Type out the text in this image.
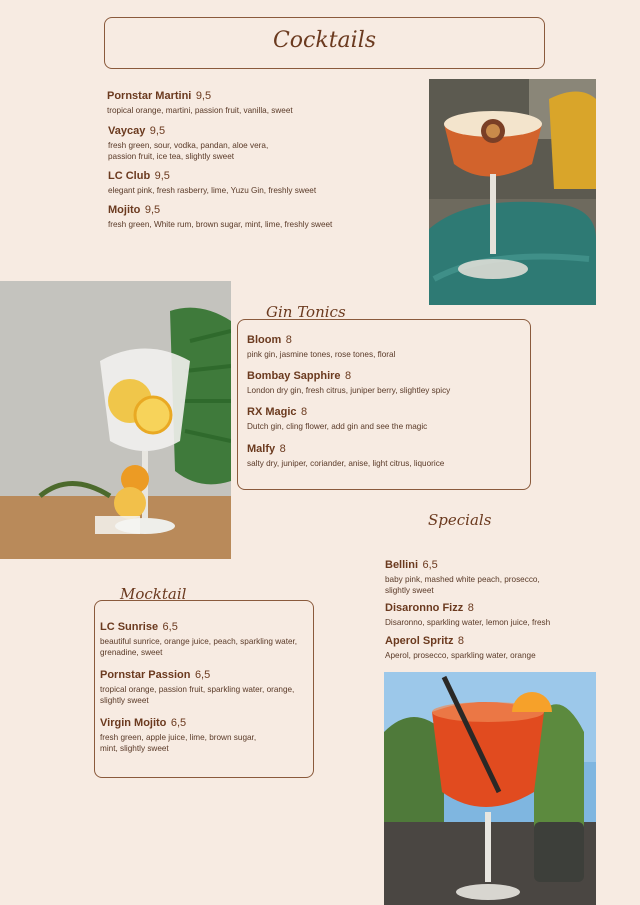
Cocktails
Pornstar Martini 9,5
tropical orange, martini, passion fruit, vanilla, sweet
Vaycay 9,5
fresh green, sour, vodka, pandan, aloe vera,
passion fruit, ice tea, slightly sweet
LC Club 9,5
elegant pink, fresh rasberry, lime, Yuzu Gin, freshly sweet
Mojito 9,5
fresh green, White rum, brown sugar, mint, lime, freshly sweet
Gin Tonics
Bloom 8
pink gin, jasmine tones, rose tones, floral
Bombay Sapphire 8
London dry gin, fresh citrus, juniper berry, slightley spicy
RX Magic 8
Dutch gin, cling flower, add gin and see the magic
Malfy 8
salty dry, juniper, coriander, anise, light citrus, liquorice
Specials
Bellini 6,5
baby pink, mashed white peach, prosecco,
slightly sweet
Disaronno Fizz 8
Disaronno, sparkling water, lemon juice, fresh
Aperol Spritz 8
Aperol, prosecco, sparkling water, orange
Mocktail
LC Sunrise 6,5
beautiful sunrice, orange juice, peach, sparkling water,
grenadine, sweet
Pornstar Passion 6,5
tropical orange, passion fruit, sparkling water, orange,
slightly sweet
Virgin Mojito 6,5
fresh green, apple juice, lime, brown sugar,
mint, slightly sweet
